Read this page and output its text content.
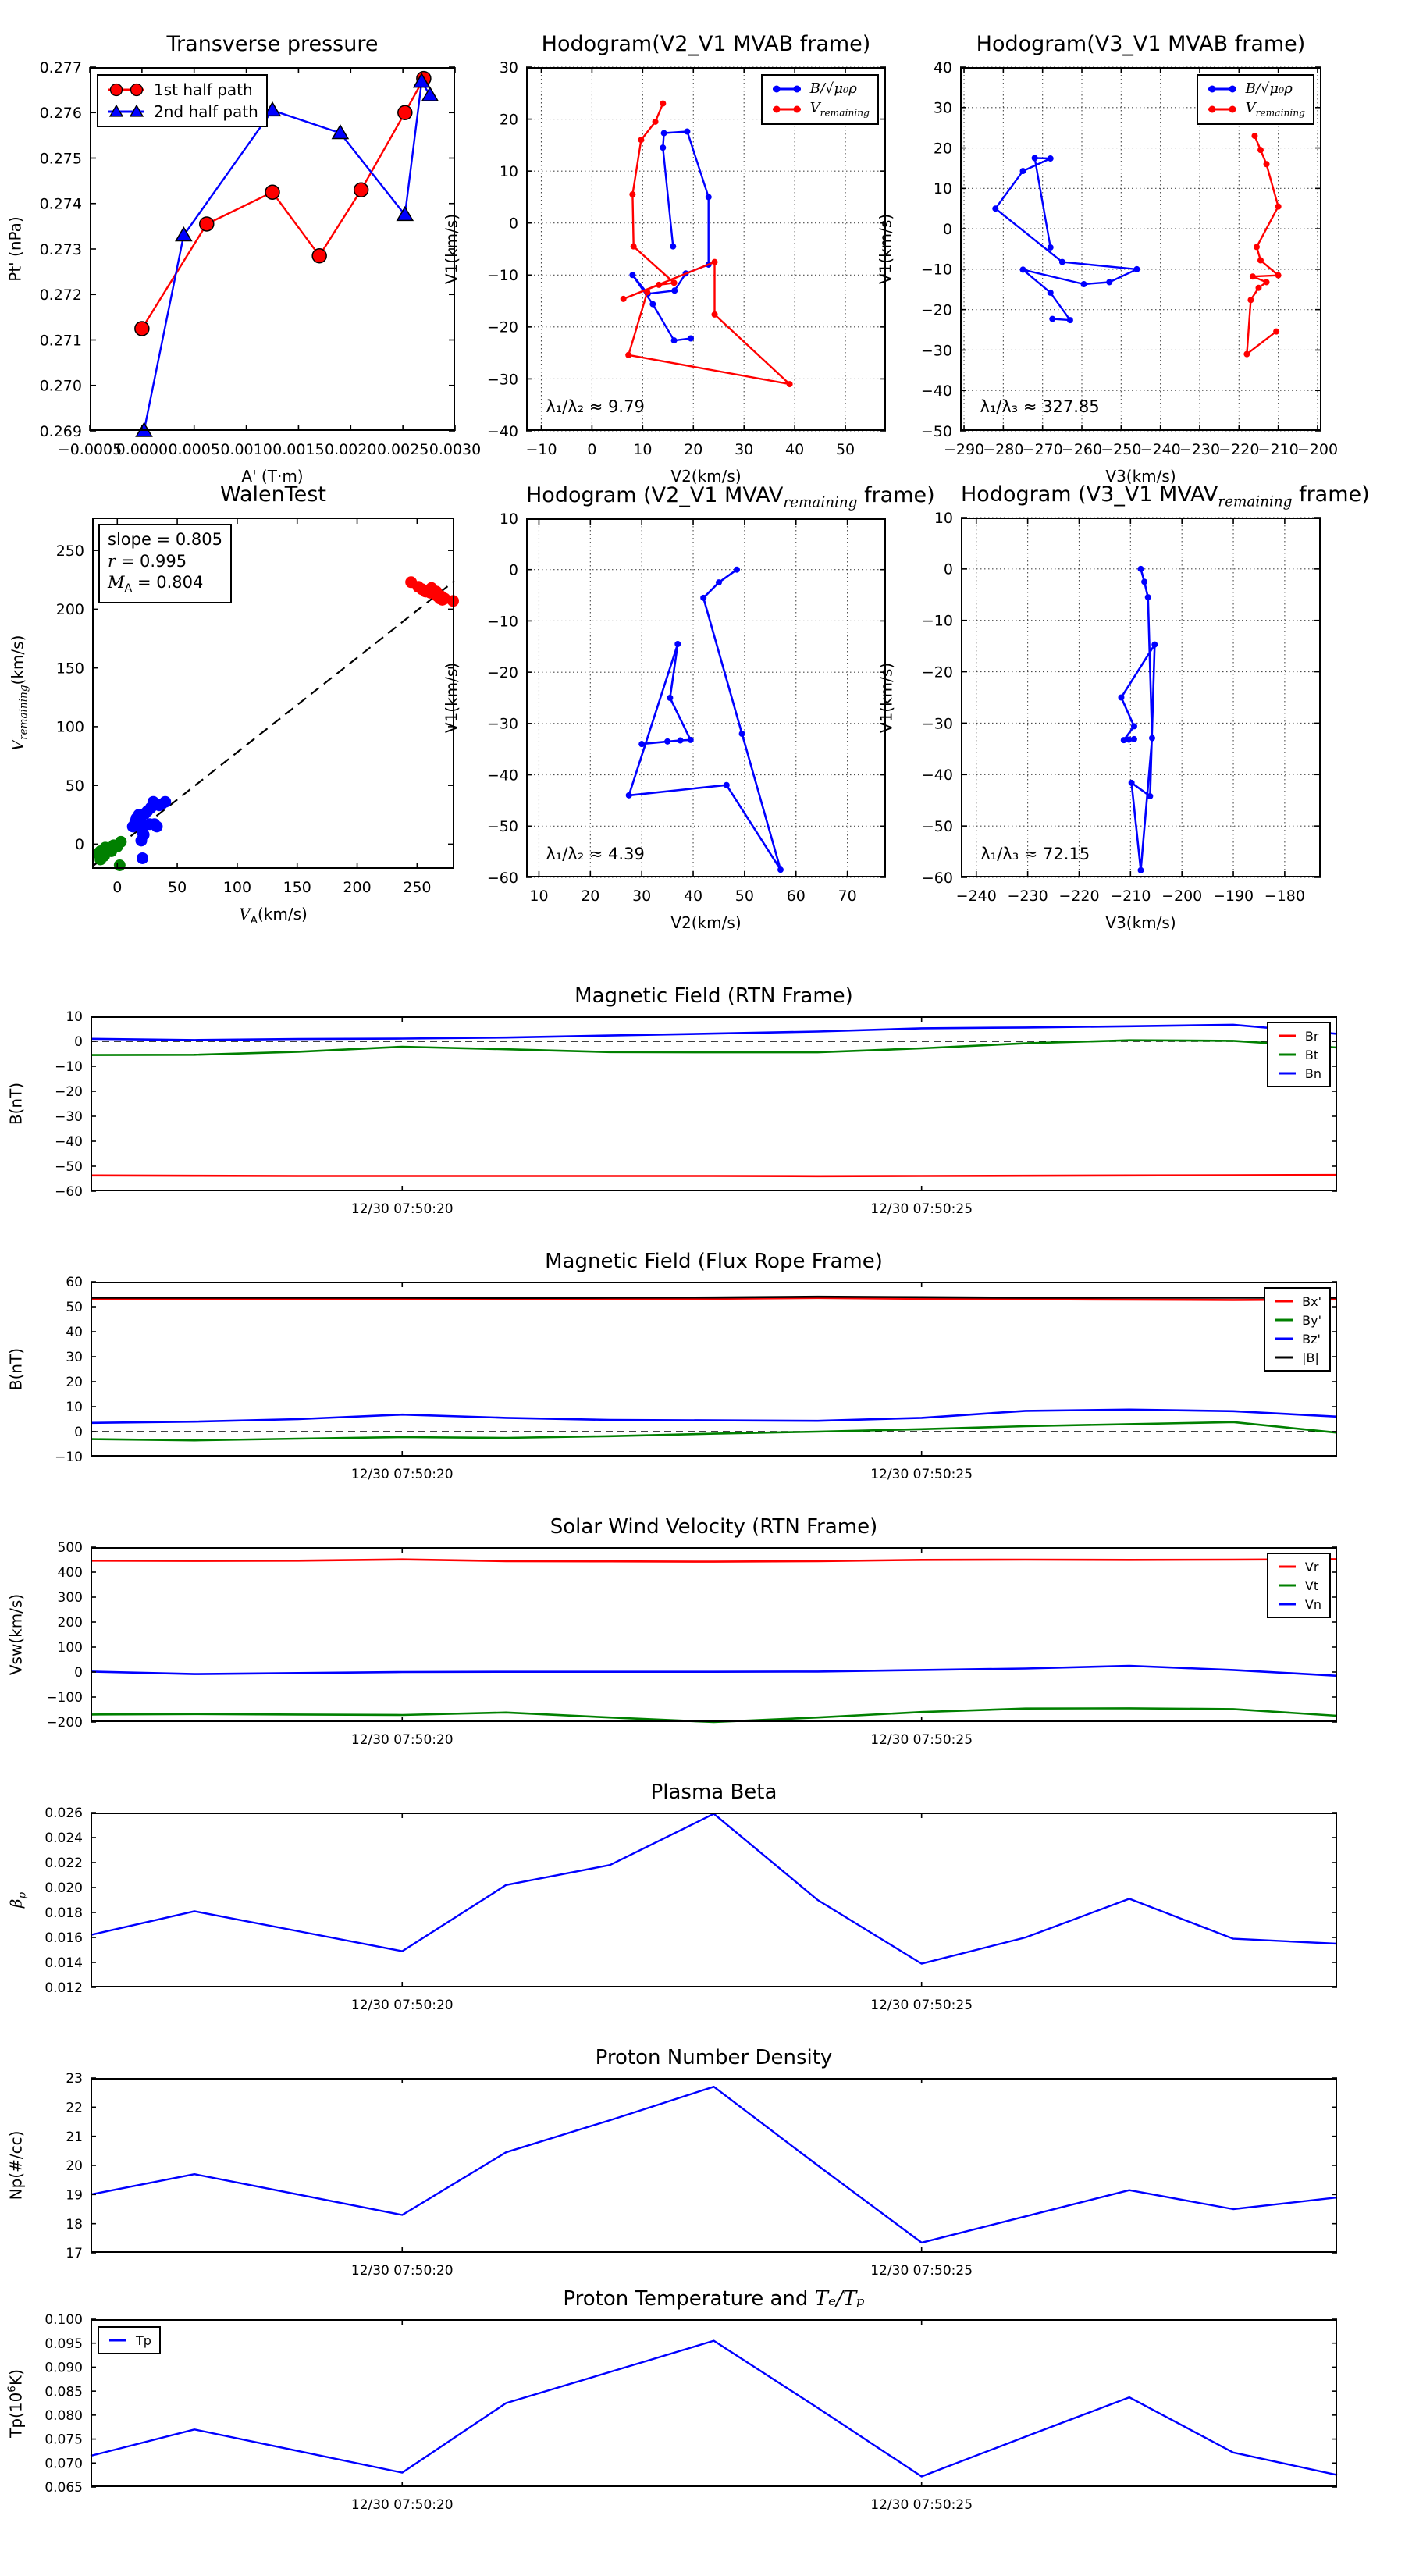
Transverse pressure
Pt' (nPa)
A' (T·m)
−0.0005
0.0000 0.0005 0.0010 0.0015 0.0020 0.0025 0.0030
0.269
0.270
0.271
0.272
0.273
0.274
0.275
0.276
0.277
1st half path
2nd half path
Hodogram(V2_V1 MVAB frame)
V1(km/s)
V2(km/s)
λ₁/λ₂ ≈ 9.79
−10 0 10 20 30 40 50
−40
−30
−20
−10
0
10
20
30
B/√μ₀ρ
$V_{remaining}$
Hodogram(V3_V1 MVAB frame)
V1(km/s)
V3(km/s)
λ₁/λ₃ ≈ 327.85
−290
−280
−270
−260
−250
−240
−230
−220
−210
−200
−50
−40
−30
−20
−10
0
10
20
30
40
B/√μ₀ρ
$V_{remaining}$
WalenTest
$V_{remaining}(km/s)$
$V_A(km/s)$
slope = 0.805
r = 0.995
$M_A = 0.804$
0	50 100 150 200 250
0
50
100
150
200
250
Hodogram (V2_V1 $MVAV_{remaining}$ frame)
V1(km/s)
V2(km/s)
λ₁/λ₂ ≈ 4.39
10 20 30 40 50 60 70
−60
−50
−40
−30
−20
−10
0
10
Hodogram (V3_V1 $MVAV_{remaining}$ frame)
V1(km/s)
V3(km/s)
λ₁/λ₃ ≈ 72.15
−240 −230 −220 −210 −200 −190 −180
−60
−50
−40
−30
−20
−10
0
10
Magnetic Field (RTN Frame)
B(nT)
12/30 07:50:20	12/30 07:50:25
−60
−50
−40
−30
−20
−10
0
10
Br
Bt
Bn
Magnetic Field (Flux Rope Frame)
B(nT)
12/30 07:50:20	12/30 07:50:25
−10
0
10
20
30
40
50
60
Bx'
By'
Bz'
|B|
Solar Wind Velocity (RTN Frame)
Vsw(km/s)
12/30 07:50:20	12/30 07:50:25
−200
−100
0
100
200
300
400
500
Vr
Vt
Vn
Plasma Beta
$\beta_p$
12/30 07:50:20	12/30 07:50:25
0.012
0.014
0.016
0.018
0.020
0.022
0.024
0.026
Proton Number Density
Np(#/cc)
12/30 07:50:20	12/30 07:50:25
17
18
19
20
21
22
23
Proton Temperature and Tₑ/Tₚ
$Tp(10^6K)$
12/30 07:50:20	12/30 07:50:25
0.065
0.070
0.075
0.080
0.085
0.090
0.095
0.100
Tp
